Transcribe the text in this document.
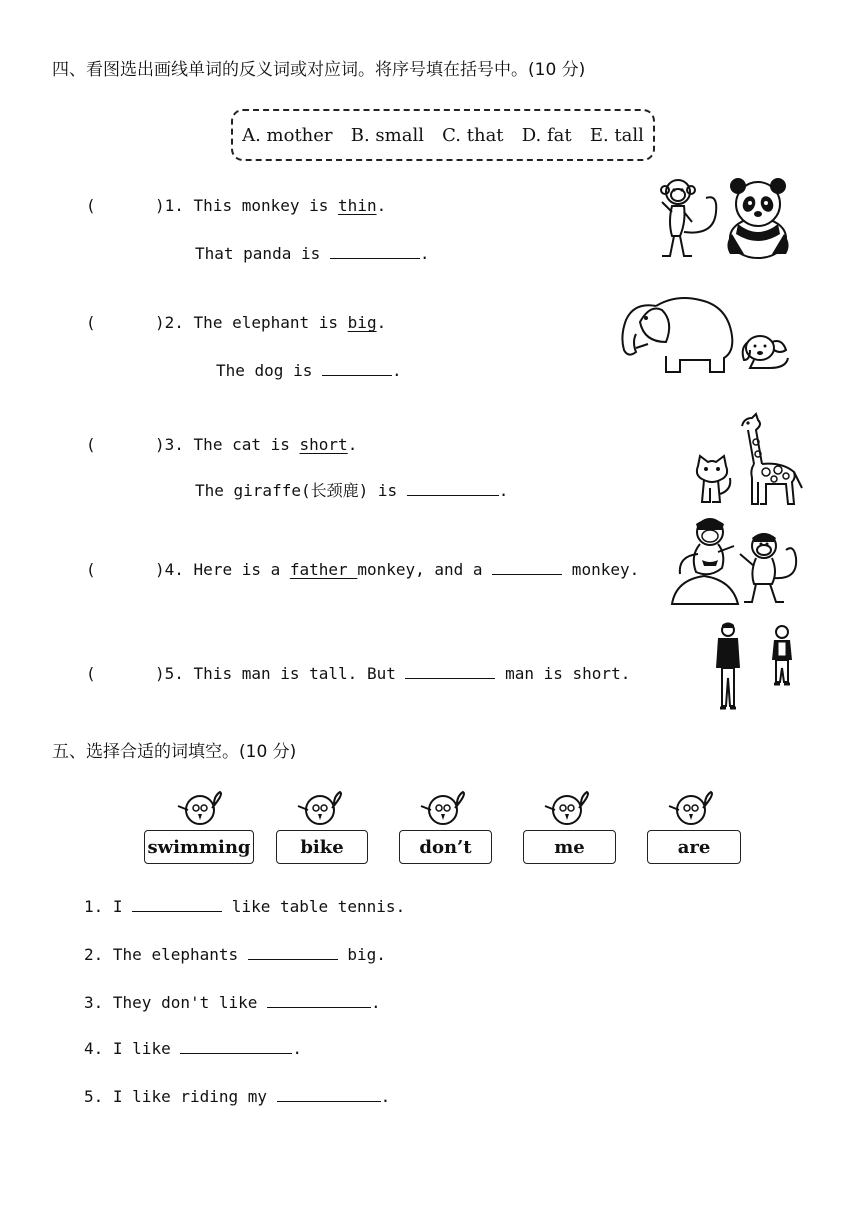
四、看图选出画线单词的反义词或对应词。将序号填在括号中。(10 分)
A. mother B. small C. that D. fat E. tall
(	)1. This monkey is thin.
That panda is	.
(	)2. The elephant is big.
The dog is	.
(	)3. The cat is short.
The giraffe(长颈鹿) is	.
(	)4. Here is a father monkey, and a	monkey.
(	)5. This man is tall. But	man is short.
五、选择合适的词填空。(10 分)
swimming	bike	don’t	me	are
1. I	like table tennis.
2. The elephants	big.
3. They don't like	.
4. I like	.
5. I like riding my	.
